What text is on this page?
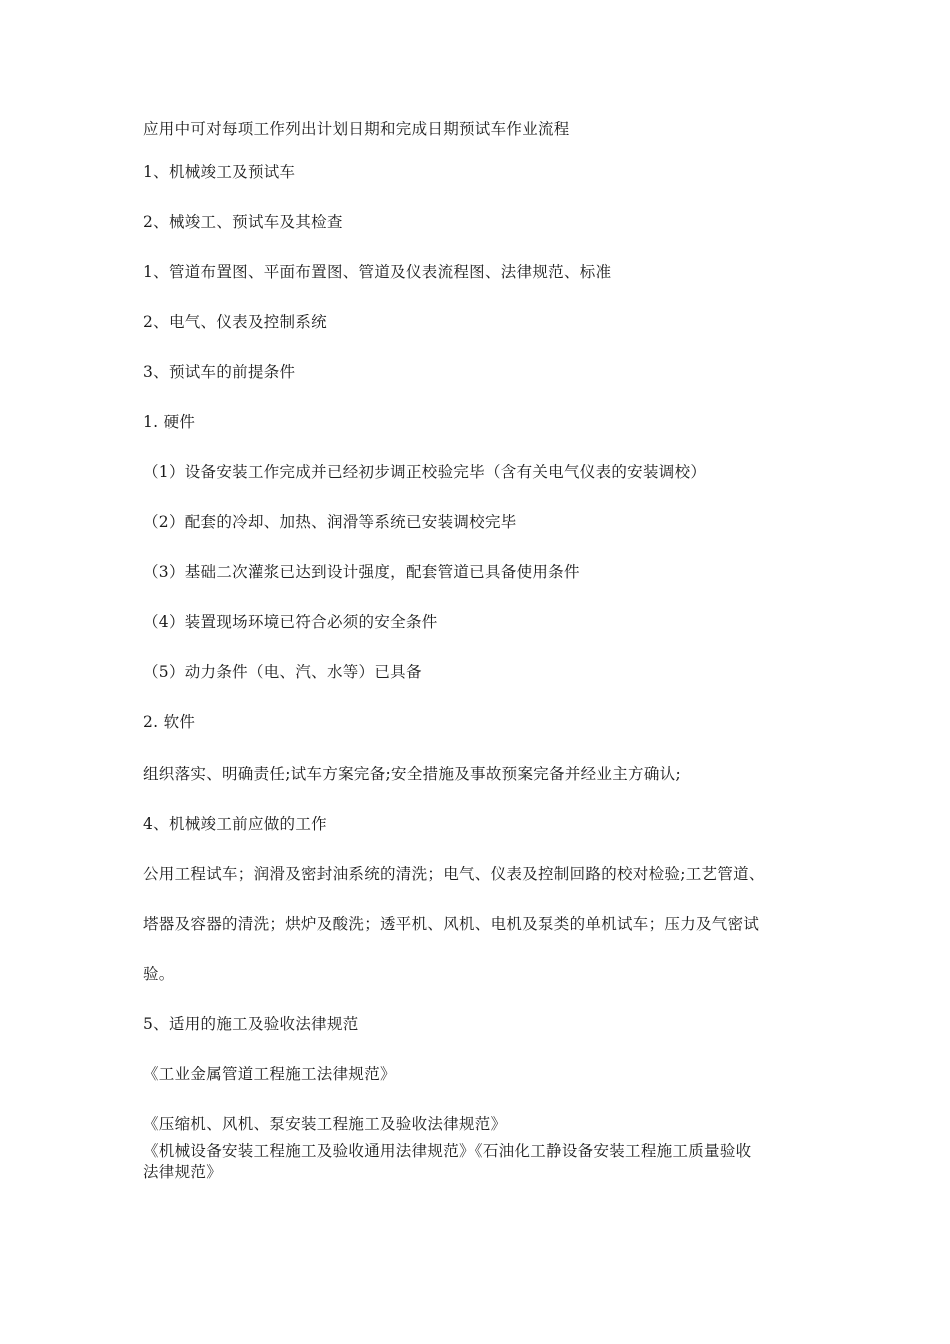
应用中可对每项工作列出计划日期和完成日期预试车作业流程
1、机械竣工及预试车
2、械竣工、预试车及其检查
1、管道布置图、平面布置图、管道及仪表流程图、法律规范、标准
2、电气、仪表及控制系统
3、预试车的前提条件
1. 硬件
（1）设备安装工作完成并已经初步调正校验完毕（含有关电气仪表的安装调校）
（2）配套的冷却、加热、润滑等系统已安装调校完毕
（3）基础二次灌浆已达到设计强度，配套管道已具备使用条件
（4）装置现场环境已符合必须的安全条件
（5）动力条件（电、汽、水等）已具备
2. 软件
组织落实、明确责任;试车方案完备;安全措施及事故预案完备并经业主方确认;
4、机械竣工前应做的工作
公用工程试车；润滑及密封油系统的清洗；电气、仪表及控制回路的校对检验;工艺管道、
塔器及容器的清洗；烘炉及酸洗；透平机、风机、电机及泵类的单机试车；压力及气密试
验。
5、适用的施工及验收法律规范
《工业金属管道工程施工法律规范》
《压缩机、风机、泵安装工程施工及验收法律规范》
《机械设备安装工程施工及验收通用法律规范》《石油化工静设备安装工程施工质量验收
法律规范》
